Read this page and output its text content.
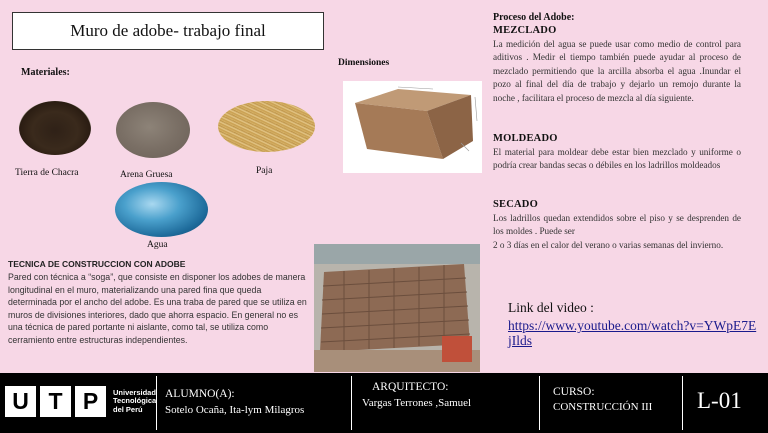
Muro de adobe- trabajo final
Materiales:
Tierra de Chacra	Arena Gruesa	Paja
Agua
Dimensiones
Proceso del Adobe:
MEZCLADO
La medición del agua se puede usar como medio de control para aditivos . Medir el tiempo también puede ayudar al proceso de mezclado permitiendo que la arcilla absorba el agua .Inundar el pozo al final del día de trabajo y dejarlo un remojo durante la noche , facilitara el proceso de mezcla al día siguiente.
MOLDEADO
El material para moldear debe estar bien mezclado y uniforme o podría crear bandas secas o débiles en los ladrillos moldeados
SECADO
Los ladrillos quedan extendidos sobre el piso y se desprenden de los moldes . Puede ser
2 o 3 días en el calor del verano o varias semanas del invierno.
TECNICA DE CONSTRUCCION CON ADOBE
Pared con técnica a “soga”, que consiste en disponer los adobes de manera longitudinal en el muro, materializando una pared fina que queda determinada por el ancho del adobe. Es una traba de pared que se utiliza en muros de divisiones interiores, dado que ahorra espacio. En general no es una técnica de pared portante ni aislante, como tal, se utiliza como cerramiento entre estructuras independientes.
Link del video :
https://www.youtube.com/watch?v=YWpE7EjIlds
U T P	Universidad
Tecnológica
del Perú
ALUMNO(A):
Sotelo Ocaña, Ita-lym Milagros
ARQUITECTO:
Vargas Terrones ,Samuel
CURSO:
CONSTRUCCIÓN III L-01
